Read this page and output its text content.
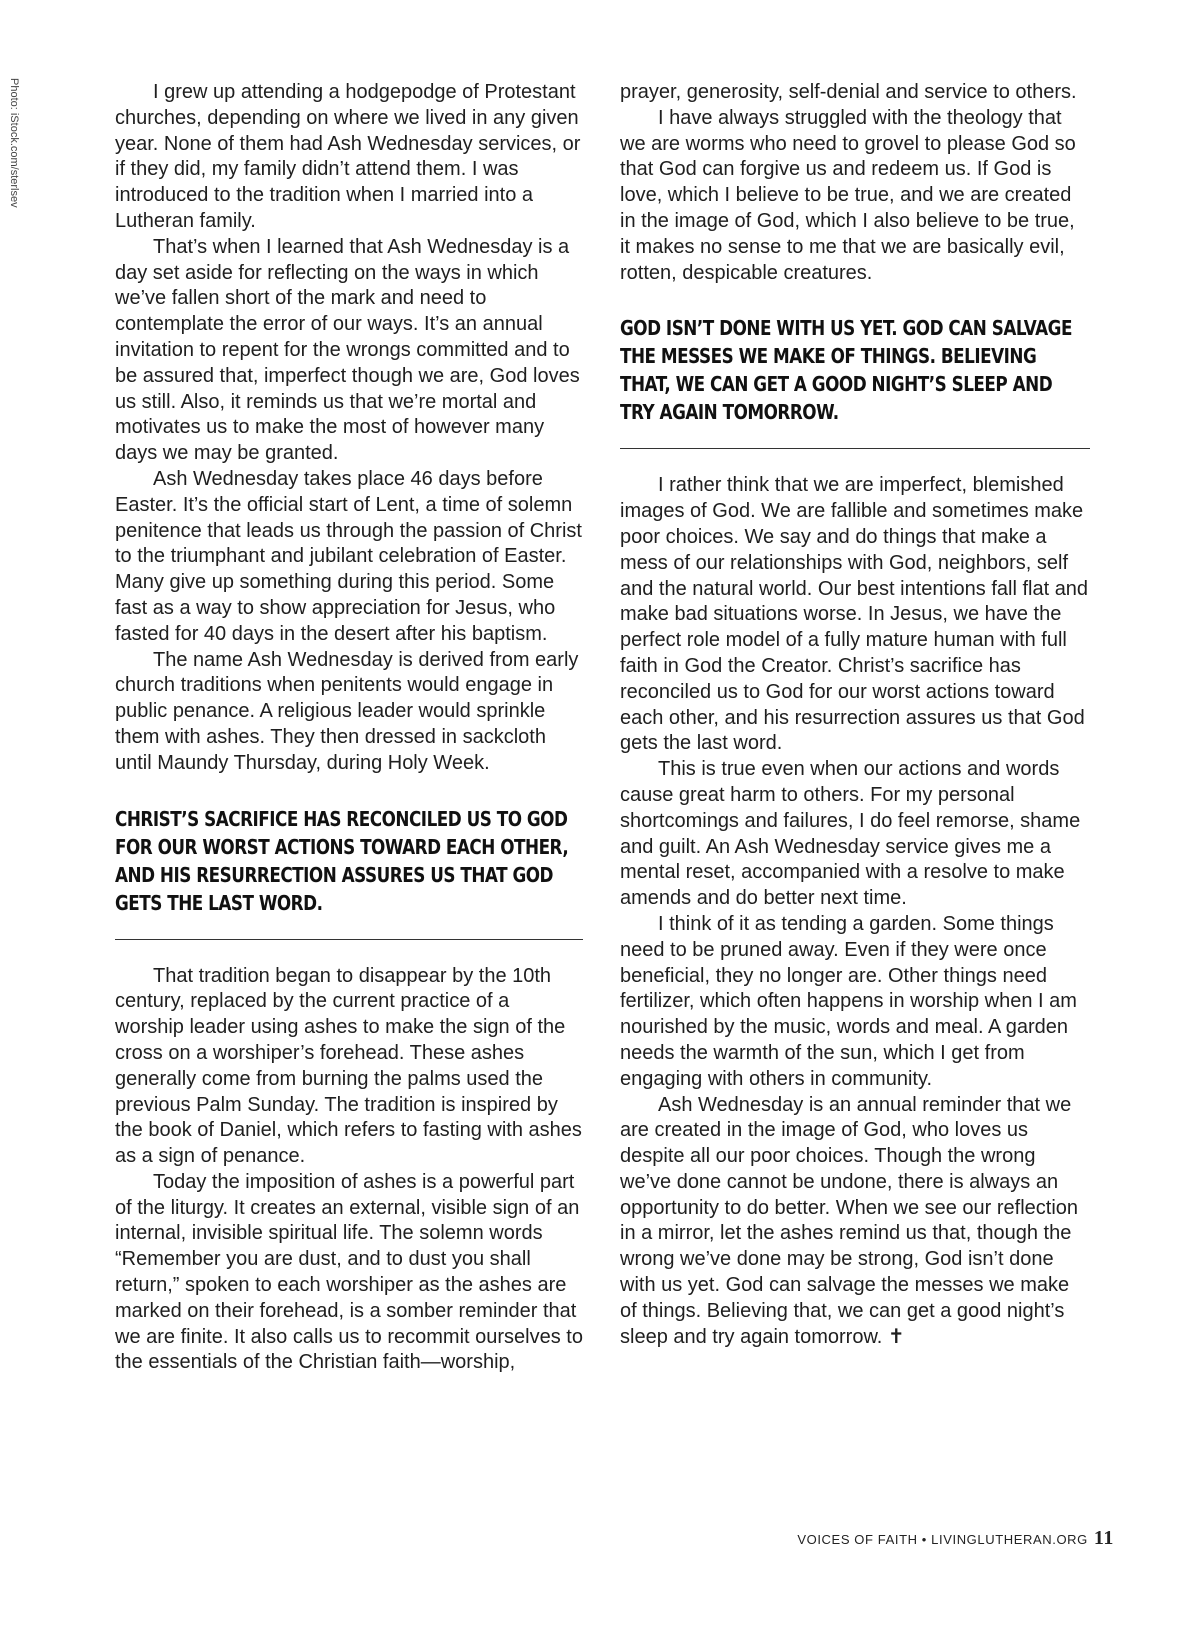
Photo: iStock.com/sterlsev	I grew up attending a hodgepodge of Protestant churches, depending on where we lived in any given year. None of them had Ash Wednesday services, or if they did, my family didn’t attend them. I was introduced to the tradition when I married into a Lutheran family.

That’s when I learned that Ash Wednesday is a day set aside for reflecting on the ways in which we’ve fallen short of the mark and need to contemplate the error of our ways. It’s an annual invitation to repent for the wrongs committed and to be assured that, imperfect though we are, God loves us still. Also, it reminds us that we’re mortal and motivates us to make the most of however many days we may be granted.

Ash Wednesday takes place 46 days before Easter. It’s the official start of Lent, a time of solemn penitence that leads us through the passion of Christ to the triumphant and jubilant celebration of Easter. Many give up something during this period. Some fast as a way to show appreciation for Jesus, who fasted for 40 days in the desert after his baptism.

The name Ash Wednesday is derived from early church traditions when penitents would engage in public penance. A religious leader would sprinkle them with ashes. They then dressed in sackcloth until Maundy Thursday, during Holy Week.

CHRIST’S SACRIFICE HAS RECONCILED US TO GOD FOR OUR WORST ACTIONS TOWARD EACH OTHER, AND HIS RESURRECTION ASSURES US THAT GOD GETS THE LAST WORD.

That tradition began to disappear by the 10th century, replaced by the current practice of a worship leader using ashes to make the sign of the cross on a worshiper’s forehead. These ashes generally come from burning the palms used the previous Palm Sunday. The tradition is inspired by the book of Daniel, which refers to fasting with ashes as a sign of penance.

Today the imposition of ashes is a powerful part of the liturgy. It creates an external, visible sign of an internal, invisible spiritual life. The solemn words “Remember you are dust, and to dust you shall return,” spoken to each worshiper as the ashes are marked on their forehead, is a somber reminder that we are finite. It also calls us to recommit ourselves to the essentials of the Christian faith—worship,

prayer, generosity, self-denial and service to others.

I have always struggled with the theology that we are worms who need to grovel to please God so that God can forgive us and redeem us. If God is love, which I believe to be true, and we are created in the image of God, which I also believe to be true, it makes no sense to me that we are basically evil, rotten, despicable creatures.

GOD ISN’T DONE WITH US YET. GOD CAN SALVAGE THE MESSES WE MAKE OF THINGS. BELIEVING THAT, WE CAN GET A GOOD NIGHT’S SLEEP AND TRY AGAIN TOMORROW.

I rather think that we are imperfect, blemished images of God. We are fallible and sometimes make poor choices. We say and do things that make a mess of our relationships with God, neighbors, self and the natural world. Our best intentions fall flat and make bad situations worse. In Jesus, we have the perfect role model of a fully mature human with full faith in God the Creator. Christ’s sacrifice has reconciled us to God for our worst actions toward each other, and his resurrection assures us that God gets the last word.

This is true even when our actions and words cause great harm to others. For my personal shortcomings and failures, I do feel remorse, shame and guilt. An Ash Wednesday service gives me a mental reset, accompanied with a resolve to make amends and do better next time.

I think of it as tending a garden. Some things need to be pruned away. Even if they were once beneficial, they no longer are. Other things need fertilizer, which often happens in worship when I am nourished by the music, words and meal. A garden needs the warmth of the sun, which I get from engaging with others in community.

Ash Wednesday is an annual reminder that we are created in the image of God, who loves us despite all our poor choices. Though the wrong we’ve done cannot be undone, there is always an opportunity to do better. When we see our reflection in a mirror, let the ashes remind us that, though the wrong we’ve done may be strong, God isn’t done with us yet. God can salvage the messes we make of things. Believing that, we can get a good night’s sleep and try again tomorrow. ✝

VOICES OF FAITH • LIVINGLUTHERAN.ORG 11
